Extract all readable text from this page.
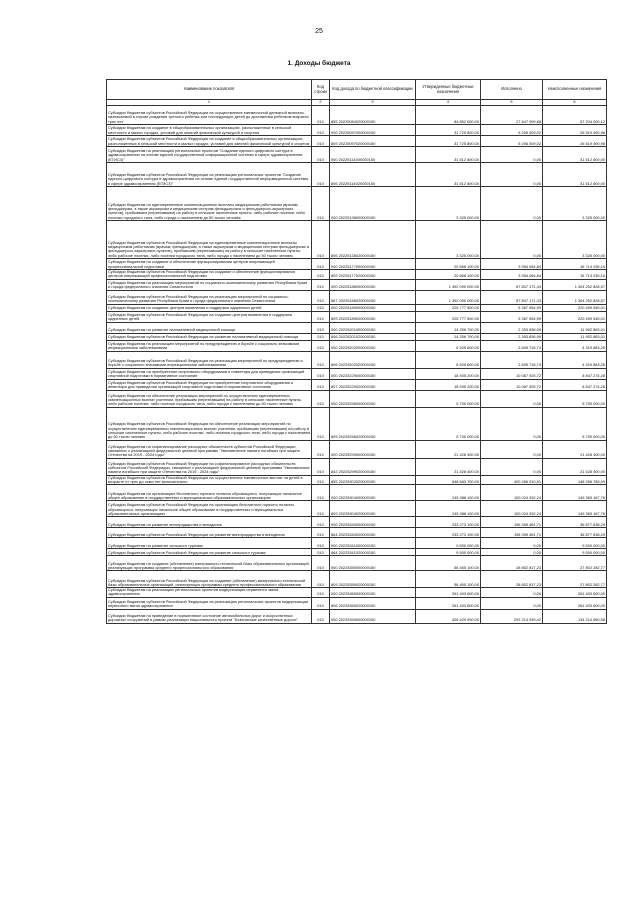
25
1. Доходы бюджета
Наименование показателя	Код строки	Код дохода по бюджетной классификации	Утвержденные бюджетные назначения	Исполнено	Неисполненные назначения
1	2	3	4	5	6
Субсидии бюджетам субъектов Российской Федерации на осуществление ежемесячной денежной выплаты, назначаемой в случае рождения третьего ребенка или последующих детей до достижения ребенком возраста трех лет	010	855 20225084020000150	84 852 000,00	27 647 999,88	57 204 000,12
Субсидии бюджетам на создание в общеобразовательных организациях, расположенных в сельской местности и малых городах, условий для занятий физической культурой и спортом	010	000 20225097000000150	31 725 800,00	5 206 309,02	26 519 490,98
Субсидии бюджетам субъектов Российской Федерации на создание в общеобразовательных организациях, расположенных в сельской местности и малых городах, условий для занятий физической культурой и спортом	010	809 20225097020000150	31 725 800,00	5 206 309,02	26 519 490,98
Субсидии бюджетам на реализацию региональных проектов "Создание единого цифрового контура в здравоохранении на основе единой государственной информационной системы в сфере здравоохранения (ЕГИСЗ)"	010	000 20225114000000150	31 512 800,00	0,00	31 512 800,00
Субсидии бюджетам субъектов Российской Федерации на реализацию региональных проектов "Создание единого цифрового контура в здравоохранении на основе единой государственной информационной системы в сфере здравоохранения (ЕГИСЗ)"	010	806 20225114020000150	31 512 800,00	0,00	31 512 800,00
Субсидии бюджетам на единовременные компенсационные выплаты медицинским работникам (врачам, фельдшерам, а также акушеркам и медицинским сестрам фельдшерских и фельдшерско-акушерских пунктов), прибывшим (переехавшим) на работу в сельские населенные пункты, либо рабочие поселки, либо поселки городского типа, либо города с населением до 50 тысяч человек	010	000 20225138000000150	3 325 000,00	0,00	3 325 000,00
Субсидии бюджетам субъектов Российской Федерации на единовременные компенсационные выплаты медицинским работникам (врачам, фельдшерам, а также акушеркам и медицинским сестрам фельдшерских и фельдшерско-акушерских пунктов), прибывшим (переехавшим) на работу в сельские населенные пункты, либо рабочие поселки, либо поселки городского типа, либо города с населением до 50 тысяч человек	010	806 20225138020000150	3 325 000,00	0,00	3 325 000,00
Субсидии бюджетам на создание и обеспечение функционирования центров опережающей профессиональной подготовки	010	000 20225177000000150	20 668 100,00	3 954 064,84	16 714 035,16
Субсидии бюджетам субъектов Российской Федерации на создание и обеспечение функционирования центров опережающей профессиональной подготовки	010	809 20225177020000150	20 668 100,00	3 954 064,84	16 714 035,16
Субсидии бюджетам на реализацию мероприятий по социально-экономическому развитию Республики Крым и города федерального значения Севастополя	010	000 20225188000000150	1 392 090 000,00	87 837 171,43	1 304 252 828,57
Субсидии бюджетам субъектов Российской Федерации на реализацию мероприятий по социально-экономическому развитию Республики Крым и города федерального значения Севастополя	010	867 20225188020000150	1 392 090 000,00	87 837 171,43	1 304 252 828,57
Субсидии бюджетам на создание центров выявления и поддержки одаренных детей	010	000 20225189000000150	225 777 500,00	5 367 954,99	220 409 545,01
Субсидии бюджетам субъектов Российской Федерации на создание центров выявления и поддержки одаренных детей	010	809 20225189020000150	225 777 500,00	5 367 954,99	220 409 545,01
Субсидии бюджетам на развитие паллиативной медицинской помощи	010	000 20225201000000150	14 256 700,00	2 353 836,99	11 902 863,01
Субсидии бюджетам субъектов Российской Федерации на развитие паллиативной медицинской помощи	010	806 20225201020000150	14 256 700,00	2 353 836,99	11 902 863,01
Субсидии бюджетам на реализацию мероприятий по предупреждению и борьбе с социально значимыми инфекционными заболеваниями	010	000 20225202000000150	6 925 600,00	2 605 716,74	4 319 883,26
Субсидии бюджетам субъектов Российской Федерации на реализацию мероприятий по предупреждению и борьбе с социально значимыми инфекционными заболеваниями	010	806 20225202020000150	6 925 600,00	2 605 716,74	4 319 883,26
Субсидии бюджетам на приобретение спортивного оборудования и инвентаря для приведения организаций спортивной подготовки в нормативное состояние	010	000 20225229000000150	18 935 200,00	10 087 925,72	8 847 274,28
Субсидии бюджетам субъектов Российской Федерации на приобретение спортивного оборудования и инвентаря для приведения организаций спортивной подготовки в нормативное состояние	010	807 20225229020000150	18 935 200,00	10 087 925,72	8 847 274,28
Субсидии бюджетам на обеспечение реализации мероприятий по осуществлению единовременных компенсационных выплат учителям, прибывшим (переехавшим) на работу в сельские населенные пункты, либо рабочие поселки, либо поселки городского типа, либо города с населением до 50 тысяч человек	010	000 20225256000000150	5 700 000,00	0,00	5 700 000,00
Субсидии бюджетам субъектов Российской Федерации на обеспечение реализации мероприятий по осуществлению единовременных компенсационных выплат учителям, прибывшим (переехавшим) на работу в сельские населенные пункты, либо рабочие поселки, либо поселки городского типа, либо города с населением до 50 тысяч человек	010	809 20225256020000150	5 700 000,00	0,00	5 700 000,00
Субсидии бюджетам на софинансирование расходных обязательств субъектов Российской Федерации, связанных с реализацией федеральной целевой программы "Увековечение памяти погибших при защите Отечества на 2019 - 2024 годы"	010	000 20225299000000150	21 428 400,00	0,00	21 428 400,00
Субсидии бюджетам субъектов Российской Федерации на софинансирование расходных обязательств субъектов Российской Федерации, связанных с реализацией федеральной целевой программы "Увековечение памяти погибших при защите Отечества на 2019 - 2024 годы"	010	842 20225299020000150	21 428 400,00	0,00	21 428 400,00
Субсидии бюджетам субъектов Российской Федерации на осуществление ежемесячных выплат на детей в возрасте от трех до семи лет включительно	010	855 20225302020000150	548 663 700,00	400 266 910,91	148 396 789,09
Субсидии бюджетам на организацию бесплатного горячего питания обучающихся, получающих начальное общее образование в государственных и муниципальных образовательных организациях	010	000 20225304000000150	249 388 100,00	100 024 932,24	149 363 167,76
Субсидии бюджетам субъектов Российской Федерации на организацию бесплатного горячего питания обучающихся, получающих начальное общее образование в государственных и муниципальных образовательных организациях	010	809 20225304020000150	249 388 100,00	100 024 932,24	149 363 167,76
Субсидии бюджетам на развитие виноградарства и виноделия	010	000 20225340000000150	233 273 100,00	196 395 461,71	36 877 638,29
Субсидии бюджетам субъектов Российской Федерации на развитие виноградарства и виноделия	010	864 20225340020000150	233 273 100,00	196 395 461,71	36 877 638,29
Субсидии бюджетам на развитие сельского туризма	010	000 20225341000000150	9 500 000,00	0,00	9 500 000,00
Субсидии бюджетам субъектов Российской Федерации на развитие сельского туризма	010	864 20225341020000150	9 500 000,00	0,00	9 500 000,00
Субсидии бюджетам на создание (обновление) материально-технической базы образовательных организаций, реализующих программы среднего профессионального образования	010	000 20225359000000150	56 455 100,00	28 652 817,23	27 802 282,77
Субсидии бюджетам субъектов Российской Федерации на создание (обновление) материально-технической базы образовательных организаций, реализующих программы среднего профессионального образования	010	809 20225359020000150	56 455 100,00	28 652 817,23	27 802 282,77
Субсидии бюджетам на реализацию региональных проектов модернизации первичного звена здравоохранения	010	000 20225365000000150	261 403 600,00	0,00	261 403 600,00
Субсидии бюджетам субъектов Российской Федерации на реализацию региональных проектов модернизации первичного звена здравоохранения	010	806 20225365020000150	261 403 600,00	0,00	261 403 600,00
Субсидии бюджетам на приведение в нормативное состояние автомобильных дорог и искусственных дорожных сооружений в рамках реализации национального проекта "Безопасные качественные дороги"	010	000 20225394000000150	426 429 900,00	292 214 939,42	134 214 960,58
